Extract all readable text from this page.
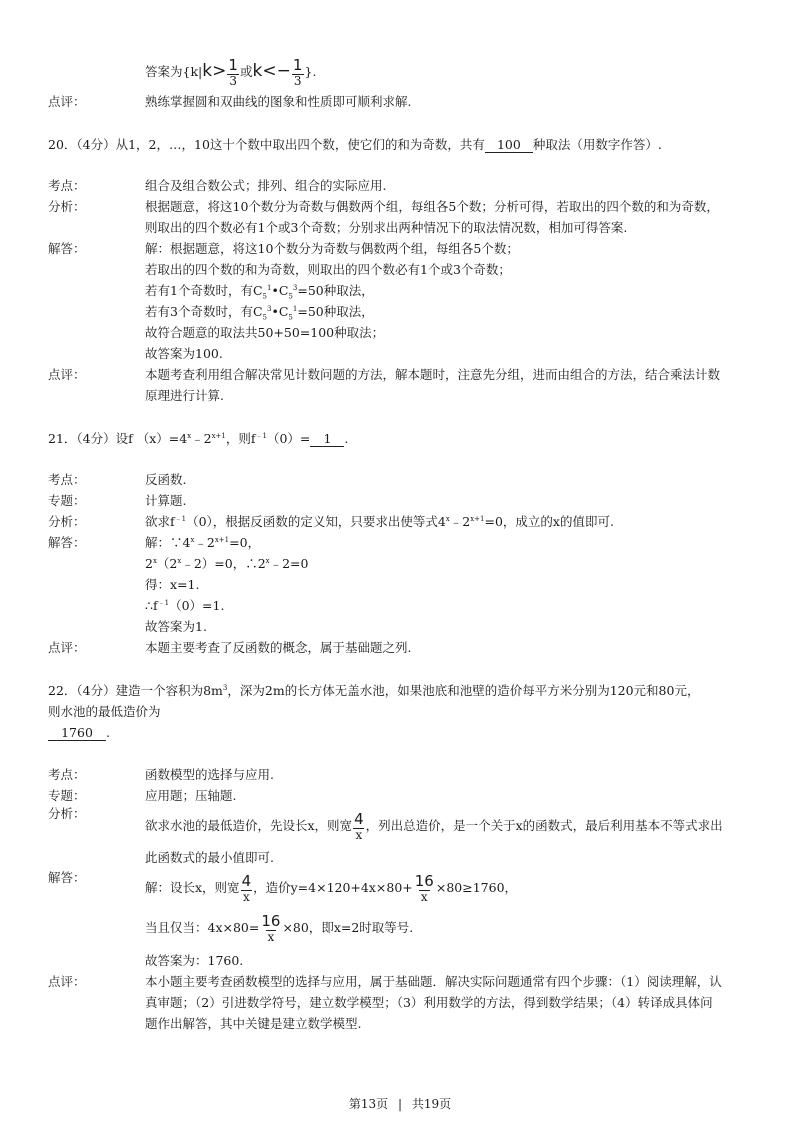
答案为{$k|k> \frac{1}{3}$ 或$k<- \frac{1}{3}$ }.
点评：	熟练掌握圆和双曲线的图象和性质即可顺利求解.
20．（4分）从1，2，…，10这十个数中取出四个数，使它们的和为奇数，共有 100 种取法（用数字作答）.
考点：	组合及组合数公式；排列、组合的实际应用.
分析：	根据题意，将这10个数分为奇数与偶数两个组，每组各5个数；分析可得，若取出的四个数的和为奇数，
则取出的四个数必有1个或3个奇数；分别求出两种情况下的取法情况数，相加可得答案.
解答：	解：根据题意，将这10个数分为奇数与偶数两个组，每组各5个数；
若取出的四个数的和为奇数，则取出的四个数必有1个或3个奇数；
若有1个奇数时，有$C_5^1•C_5^3=50$种取法，
若有3个奇数时，有$C_5^3•C_5^1=50$种取法，
故符合题意的取法共50+50=100种取法；
故答案为100.
点评：	本题考查利用组合解决常见计数问题的方法，解本题时，注意先分组，进而由组合的方法，结合乘法计数
原理进行计算.
21．（4分）设f $(x)=4^x﹣2^{x+1}$，则$f^{﹣1}(0)= 1$ .
考点：	反函数.
专题：	计算题.
分析：	欲求$f^{﹣1}(0)$，根据反函数的定义知，只要求出使等式$4^x﹣2^{x+1}=0$，成立的x的值即可.
解答：	解：$\because 4^x﹣2^{x+1}=0$，
$2^x(2^x﹣2)=0$，$\therefore 2^x﹣2=0$
得：x=1.
$\therefore f^{﹣1}(0)=1$.
故答案为1.
点评：	本题主要考查了反函数的概念，属于基础题之列.
22．（4分）建造一个容积为$8m^3$，深为2m的长方体无盖水池，如果池底和池壁的造价每平方米分别为120元和80元，
则水池的最低造价为
1760 .
考点：	函数模型的选择与应用.
专题：	应用题；压轴题.
分析：
欲求水池的最低造价，先设长x，则宽 $\frac{4}{x}$ ，列出总造价，是一个关于x的函数式，最后利用基本不等式求出
此函数式的最小值即可.
解答：
解：设长x，则宽 $\frac{4}{x}$ ，造价$y=4\times 120+4x\times 80+ \frac{16}{x} \times 80\ge 1760$，
当且仅当：$4x\times 80= \frac{16}{x} \times 80$，即x=2时取等号.
故答案为：1760.
点评：	本小题主要考查函数模型的选择与应用，属于基础题．解决实际问题通常有四个步骤：（1）阅读理解，认
真审题；（2）引进数学符号，建立数学模型；（3）利用数学的方法，得到数学结果；（4）转译成具体问
题作出解答，其中关键是建立数学模型.
第13页 | 共19页
